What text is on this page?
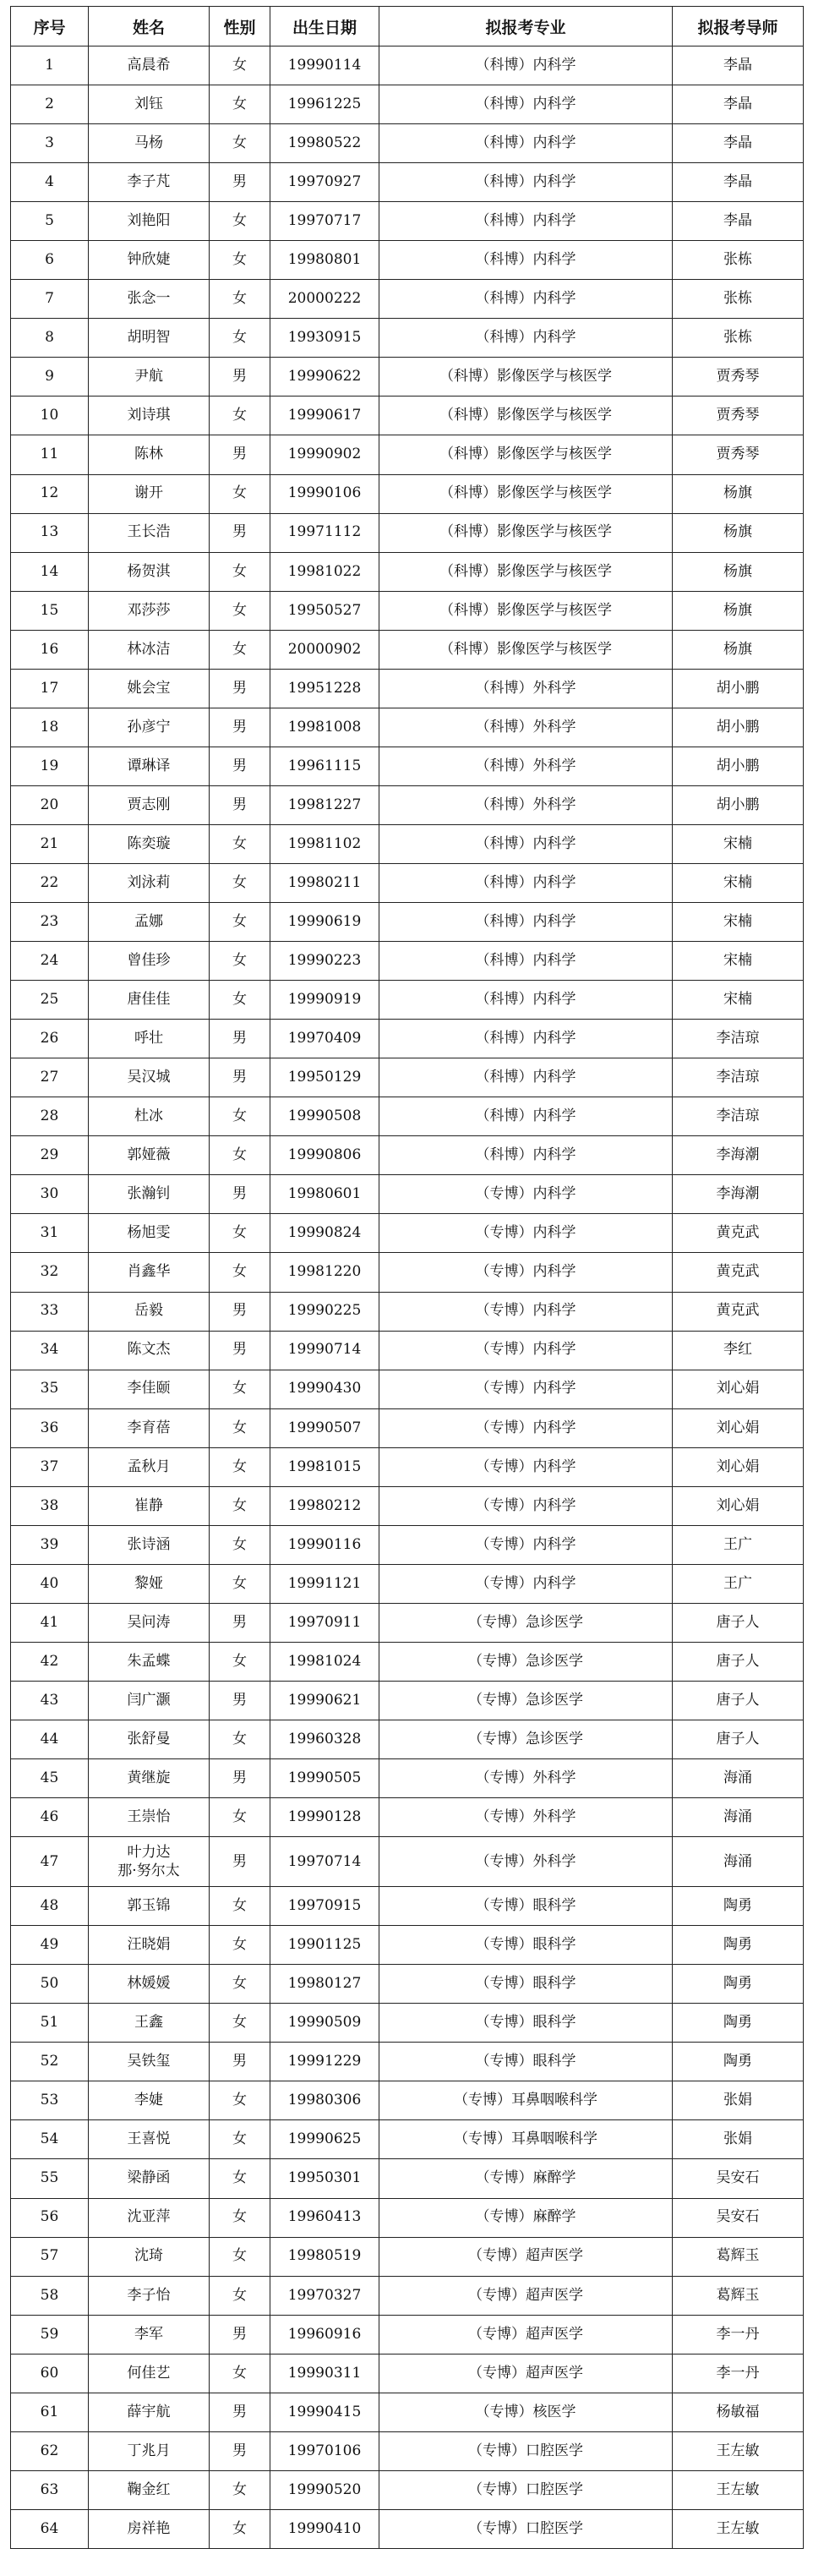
序号	姓名	性别	出生日期	拟报考专业	拟报考导师
1	高晨希	女	19990114	（科博）内科学	李晶
2	刘钰	女	19961225	（科博）内科学	李晶
3	马杨	女	19980522	（科博）内科学	李晶
4	李子芃	男	19970927	（科博）内科学	李晶
5	刘艳阳	女	19970717	（科博）内科学	李晶
6	钟欣婕	女	19980801	（科博）内科学	张栋
7	张念一	女	20000222	（科博）内科学	张栋
8	胡明智	女	19930915	（科博）内科学	张栋
9	尹航	男	19990622	（科博）影像医学与核医学	贾秀琴
10	刘诗琪	女	19990617	（科博）影像医学与核医学	贾秀琴
11	陈林	男	19990902	（科博）影像医学与核医学	贾秀琴
12	谢开	女	19990106	（科博）影像医学与核医学	杨旗
13	王长浩	男	19971112	（科博）影像医学与核医学	杨旗
14	杨贺淇	女	19981022	（科博）影像医学与核医学	杨旗
15	邓莎莎	女	19950527	（科博）影像医学与核医学	杨旗
16	林冰洁	女	20000902	（科博）影像医学与核医学	杨旗
17	姚会宝	男	19951228	（科博）外科学	胡小鹏
18	孙彦宁	男	19981008	（科博）外科学	胡小鹏
19	谭琳译	男	19961115	（科博）外科学	胡小鹏
20	贾志刚	男	19981227	（科博）外科学	胡小鹏
21	陈奕璇	女	19981102	（科博）内科学	宋楠
22	刘泳莉	女	19980211	（科博）内科学	宋楠
23	孟娜	女	19990619	（科博）内科学	宋楠
24	曾佳珍	女	19990223	（科博）内科学	宋楠
25	唐佳佳	女	19990919	（科博）内科学	宋楠
26	呼壮	男	19970409	（科博）内科学	李洁琼
27	吴汉城	男	19950129	（科博）内科学	李洁琼
28	杜冰	女	19990508	（科博）内科学	李洁琼
29	郭娅薇	女	19990806	（科博）内科学	李海潮
30	张瀚钊	男	19980601	（专博）内科学	李海潮
31	杨旭雯	女	19990824	（专博）内科学	黄克武
32	肖鑫华	女	19981220	（专博）内科学	黄克武
33	岳毅	男	19990225	（专博）内科学	黄克武
34	陈文杰	男	19990714	（专博）内科学	李红
35	李佳颐	女	19990430	（专博）内科学	刘心娟
36	李育蓓	女	19990507	（专博）内科学	刘心娟
37	孟秋月	女	19981015	（专博）内科学	刘心娟
38	崔静	女	19980212	（专博）内科学	刘心娟
39	张诗涵	女	19990116	（专博）内科学	王广
40	黎娅	女	19991121	（专博）内科学	王广
41	吴问涛	男	19970911	（专博）急诊医学	唐子人
42	朱孟蝶	女	19981024	（专博）急诊医学	唐子人
43	闫广灏	男	19990621	（专博）急诊医学	唐子人
44	张舒曼	女	19960328	（专博）急诊医学	唐子人
45	黄继旋	男	19990505	（专博）外科学	海涌
46	王崇怡	女	19990128	（专博）外科学	海涌
47	叶力达
那·努尔太	男	19970714	（专博）外科学	海涌
48	郭玉锦	女	19970915	（专博）眼科学	陶勇
49	汪晓娟	女	19901125	（专博）眼科学	陶勇
50	林媛媛	女	19980127	（专博）眼科学	陶勇
51	王鑫	女	19990509	（专博）眼科学	陶勇
52	吴铁玺	男	19991229	（专博）眼科学	陶勇
53	李婕	女	19980306	（专博）耳鼻咽喉科学	张娟
54	王喜悦	女	19990625	（专博）耳鼻咽喉科学	张娟
55	梁静函	女	19950301	（专博）麻醉学	吴安石
56	沈亚萍	女	19960413	（专博）麻醉学	吴安石
57	沈琦	女	19980519	（专博）超声医学	葛辉玉
58	李子怡	女	19970327	（专博）超声医学	葛辉玉
59	李军	男	19960916	（专博）超声医学	李一丹
60	何佳艺	女	19990311	（专博）超声医学	李一丹
61	薛宇航	男	19990415	（专博）核医学	杨敏福
62	丁兆月	男	19970106	（专博）口腔医学	王左敏
63	鞠金红	女	19990520	（专博）口腔医学	王左敏
64	房祥艳	女	19990410	（专博）口腔医学	王左敏
